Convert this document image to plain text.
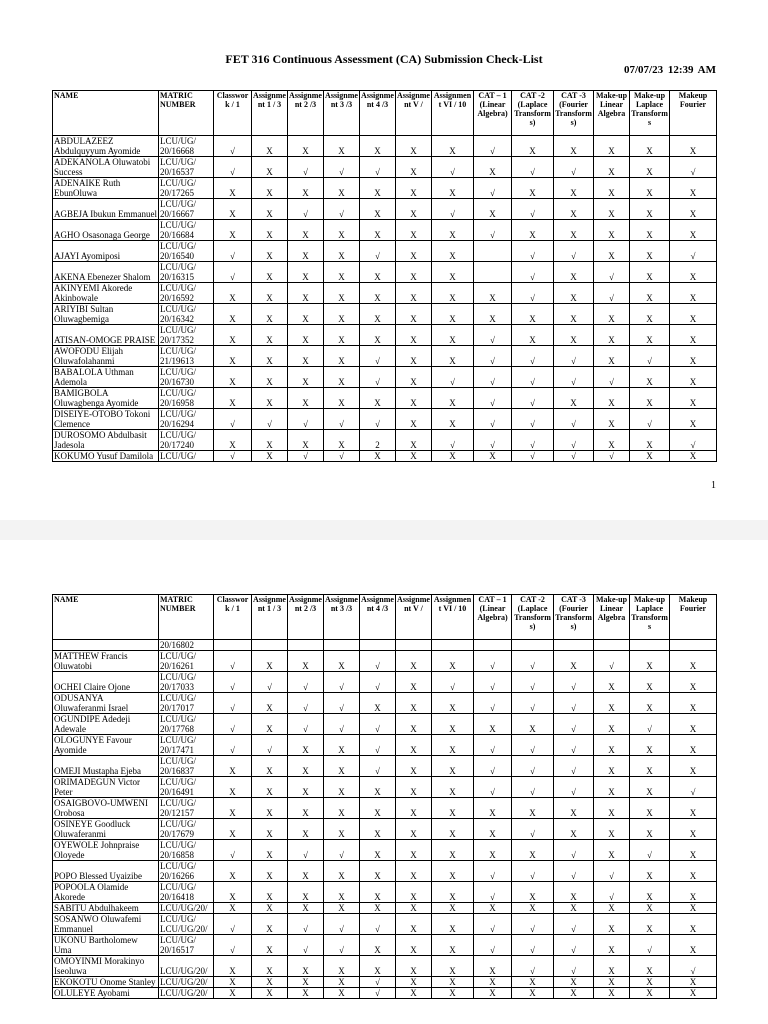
FET 316 Continuous Assessment (CA) Submission Check-List
07/07/23 12:39 AM
NAME	MATRIC NUMBER	Classwork / 1	Assignment 1 / 3	Assignment 2 /3	Assignment 3 /3	Assignment 4 /3	Assignment V /	Assignment VI / 10	CAT – 1 (Linear Algebra)	CAT -2 (Laplace Transforms)	CAT -3 (Fourier Transforms)	Make-up Linear Algebra	Make-up Laplace Transforms	Makeup Fourier
ABDULAZEEZ Abdulquyyum Ayomide	LCU/UG/ 20/16668	√	X	X	X	X	X	X	√	X	X	X	X	X
ADEKANOLA Oluwatobi Success	LCU/UG/ 20/16537	√	X	√	√	√	X	√	X	√	√	X	X	√
ADENAIKE Ruth EbunOluwa	LCU/UG/ 20/17265	X	X	X	X	X	X	X	√	X	X	X	X	X
AGBEJA Ibukun Emmanuel	LCU/UG/ 20/16667	X	X	√	√	X	X	√	X	√	X	X	X	X
AGHO Osasonaga George	LCU/UG/ 20/16684	X	X	X	X	X	X	X	√	X	X	X	X	X
AJAYI Ayomiposi	LCU/UG/ 20/16540	√	X	X	X	√	X	X		√	√	X	X	√
AKENA Ebenezer Shalom	LCU/UG/ 20/16315	√	X	X	X	X	X	X		√	X	√	X	X
AKINYEMI Akorede Akinbowale	LCU/UG/ 20/16592	X	X	X	X	X	X	X	X	√	X	√	X	X
ARIYIBI Sultan Oluwagbemiga	LCU/UG/ 20/16342	X	X	X	X	X	X	X	X	X	X	X	X	X
ATISAN-OMOGE PRAISE	LCU/UG/ 20/17352	X	X	X	X	X	X	X	√	X	X	X	X	X
AWOFODU Elijah Oluwafolahanmi	LCU/UG/ 21/19613	X	X	X	X	√	X	X	√	√	√	X	√	X
BABALOLA Uthman Ademola	LCU/UG/ 20/16730	X	X	X	X	√	X	√	√	√	√	√	X	X
BAMIGBOLA Oluwagbenga Ayomide	LCU/UG/ 20/16958	X	X	X	X	X	X	X	√	√	X	X	X	X
DISEIYE-OTOBO Tokoni Clemence	LCU/UG/ 20/16294	√	√	√	√	√	X	X	√	√	√	X	√	X
DUROSOMO Abdulbasit Jadesola	LCU/UG/ 20/17240	X	X	X	X	2	X	√	√	√	√	X	X	√
KOKUMO Yusuf Damilola	LCU/UG/	√	X	√	√	X	X	X	X	√	√	√	X	X
1
NAME	MATRIC NUMBER	Classwork / 1	Assignment 1 / 3	Assignment 2 /3	Assignment 3 /3	Assignment 4 /3	Assignment V /	Assignment VI / 10	CAT – 1 (Linear Algebra)	CAT -2 (Laplace Transforms)	CAT -3 (Fourier Transforms)	Make-up Linear Algebra	Make-up Laplace Transforms	Makeup Fourier
	20/16802													
MATTHEW Francis Oluwatobi	LCU/UG/ 20/16261	√	X	X	X	√	X	X	√	√	X	√	X	X
OCHEI Claire Ojone	LCU/UG/ 20/17033	√	√	√	√	√	X	√	√	√	√	X	X	X
ODUSANYA Oluwaferanmi Israel	LCU/UG/ 20/17017	√	X	√	√	X	X	X	√	√	√	X	X	X
OGUNDIPE Adedeji Adewale	LCU/UG/ 20/17768	√	X	√	√	√	X	X	X	X	√	X	√	X
OLOGUNYE Favour Ayomide	LCU/UG/ 20/17471	√	√	X	X	√	X	X	√	√	√	X	X	X
OMEJI Mustapha Ejeba	LCU/UG/ 20/16837	X	X	X	X	√	X	X	√	√	√	X	X	X
ORIMADEGUN Victor Peter	LCU/UG/ 20/16491	X	X	X	X	X	X	X	√	√	√	X	X	√
OSAIGBOVO-UMWENI Orobosa	LCU/UG/ 20/12157	X	X	X	X	X	X	X	X	X	X	X	X	X
OSINEYE Goodluck Oluwaferanmi	LCU/UG/ 20/17679	X	X	X	X	X	X	X	X	√	X	X	X	X
OYEWOLE Johnpraise Oloyede	LCU/UG/ 20/16858	√	X	√	√	X	X	X	X	X	√	X	√	X
POPO Blessed Uyaizibe	LCU/UG/ 20/16266	X	X	X	X	X	X	X	√	√	√	√	X	X
POPOOLA Olamide Akorede	LCU/UG/ 20/16418	X	X	X	X	X	X	X	√	X	X	√	X	X
SABITU Abdulhakeem	LCU/UG/20/	X	X	X	X	X	X	X	X	X	X	X	X	X
SOSANWO Oluwafemi Emmanuel	LCU/UG/ LCU/UG/20/	√	X	√	√	√	X	X	√	√	√	X	X	X
UKONU Bartholomew Uma	LCU/UG/ 20/16517	√	X	√	√	X	X	X	√	√	√	X	√	X
OMOYINMI Morakinyo Iseoluwa	LCU/UG/20/	X	X	X	X	X	X	X	X	√	√	X	X	√
EKOKOTU Onome Stanley	LCU/UG/20/	X	X	X	X	√	X	X	X	X	X	X	X	X
OLULEYE Ayobami	LCU/UG/20/	X	X	X	X	√	X	X	X	X	X	X	X	X
